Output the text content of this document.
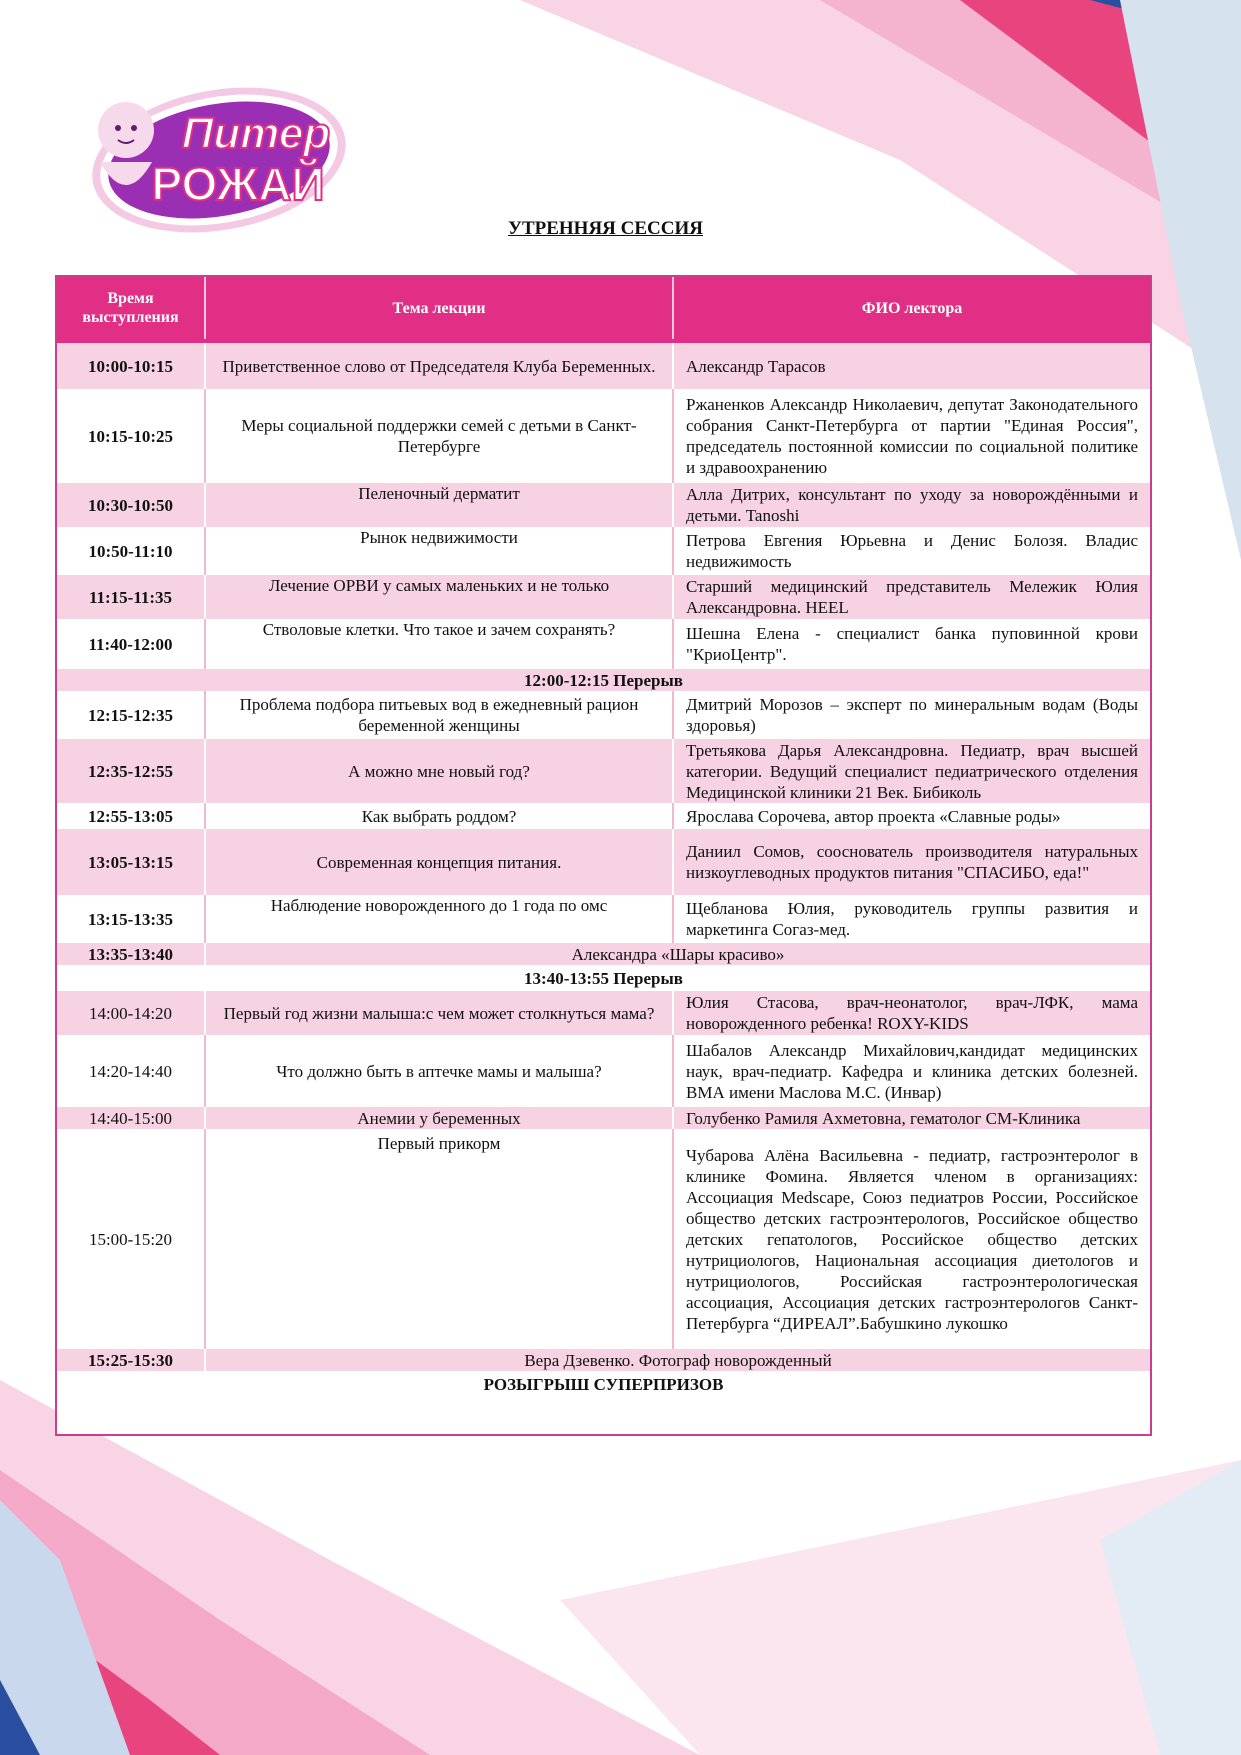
Питер
РОЖАЙ
УТРЕННЯЯ СЕССИЯ
Время выступления	Тема лекции	ФИО лектора

10:00-10:15	Приветственное слово от Председателя Клуба Беременных.	Александр Тарасов
10:15-10:25	Меры социальной поддержки семей с детьми в Санкт-Петербурге	Ржаненков Александр Николаевич, депутат Законодательного собрания Санкт-Петербурга от партии "Единая Россия", председатель постоянной комиссии по социальной политике и здравоохранению
10:30-10:50	Пеленочный дерматит	Алла Дитрих, консультант по уходу за новорождёнными и детьми. Tanoshi
10:50-11:10	Рынок недвижимости	Петрова Евгения Юрьевна и Денис Болозя. Владис недвижимость
11:15-11:35	Лечение ОРВИ у самых маленьких и не только	Старший медицинский представитель Мележик Юлия Александровна. HEEL
11:40-12:00	Стволовые клетки. Что такое и зачем сохранять?	Шешна Елена - специалист банка пуповинной крови "КриоЦентр".
12:00-12:15 Перерыв		
12:15-12:35	Проблема подбора питьевых вод в ежедневный рацион беременной женщины	Дмитрий Морозов – эксперт по минеральным водам (Воды здоровья)
12:35-12:55	А можно мне новый год?	Третьякова Дарья Александровна. Педиатр, врач высшей категории. Ведущий специалист педиатрического отделения Медицинской клиники 21 Век. Бибиколь
12:55-13:05	Как выбрать роддом?	Ярослава Сорочева, автор проекта «Славные роды»
13:05-13:15	Современная концепция питания.	Даниил Сомов, сооснователь производителя натуральных низкоуглеводных продуктов питания "СПАСИБО, еда!"
13:15-13:35	Наблюдение новорожденного до 1 года по омс	Щебланова Юлия, руководитель группы развития и маркетинга Согаз-мед.
13:35-13:40	Александра «Шары красиво»	
13:40-13:55 Перерыв		
14:00-14:20	Первый год жизни малыша:с чем может столкнуться мама?	Юлия Стасова, врач-неонатолог, врач-ЛФК, мама новорожденного ребенка! ROXY-KIDS
14:20-14:40	Что должно быть в аптечке мамы и малыша?	Шабалов Александр Михайлович,кандидат медицинских наук, врач-педиатр. Кафедра и клиника детских болезней. ВМА имени Маслова М.С. (Инвар)
14:40-15:00	Анемии у беременных	Голубенко Рамиля Ахметовна, гематолог СМ-Клиника
15:00-15:20	Первый прикорм	Чубарова Алёна Васильевна - педиатр, гастроэнтеролог в клинике Фомина. Является членом в организациях: Ассоциация Medscape, Союз педиатров России, Российское общество детских гастроэнтерологов, Российское общество детских гепатологов, Российское общество детских нутрициологов, Национальная ассоциация диетологов и нутрициологов, Российская гастроэнтерологическая ассоциация, Ассоциация детских гастроэнтерологов Санкт-Петербурга “ДИРЕАЛ”.Бабушкино лукошко
15:25-15:30	Вера Дзевенко. Фотограф новорожденный	
РОЗЫГРЫШ СУПЕРПРИЗОВ		
